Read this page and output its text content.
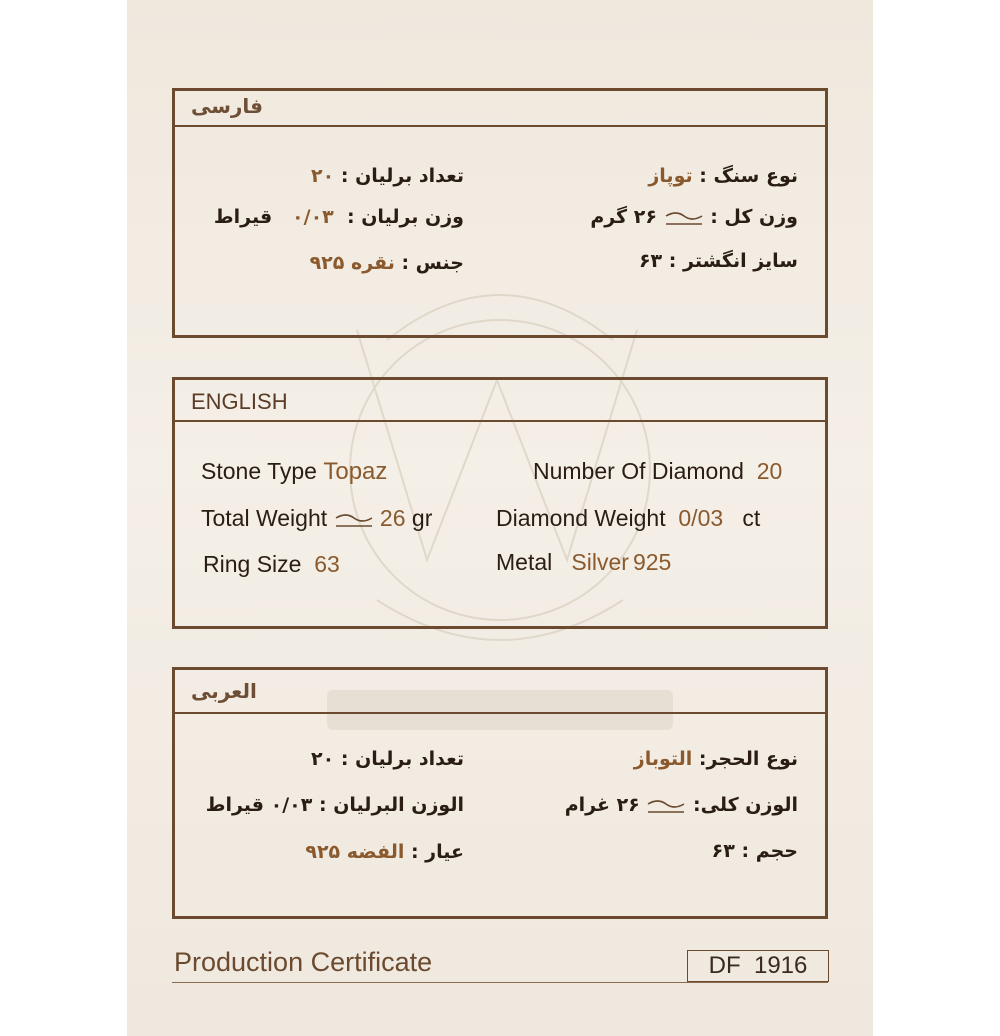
فارسی
نوع سنگ : توپاز
وزن کل :  ۲۶ گرم
سایز انگشتر : ۶۳
تعداد برلیان : ۲۰
وزن برلیان :  ۰/۰۳   قیراط
جنس : نقره ۹۲۵
ENGLISH
Stone Type Topaz
Total Weight 26 gr
Ring Size 63
Number Of Diamond 20
Diamond Weight 0/03 ct
Metal Silver 925
العربی
نوع الحجر: التوباز
الوزن کلی:  ۲۶ غرام
حجم : ۶۳
تعداد برلیان : ۲۰
الوزن البرلیان : ۰/۰۳ قیراط
عیار : الفضه ۹۲۵
Production Certificate	DF  1916
